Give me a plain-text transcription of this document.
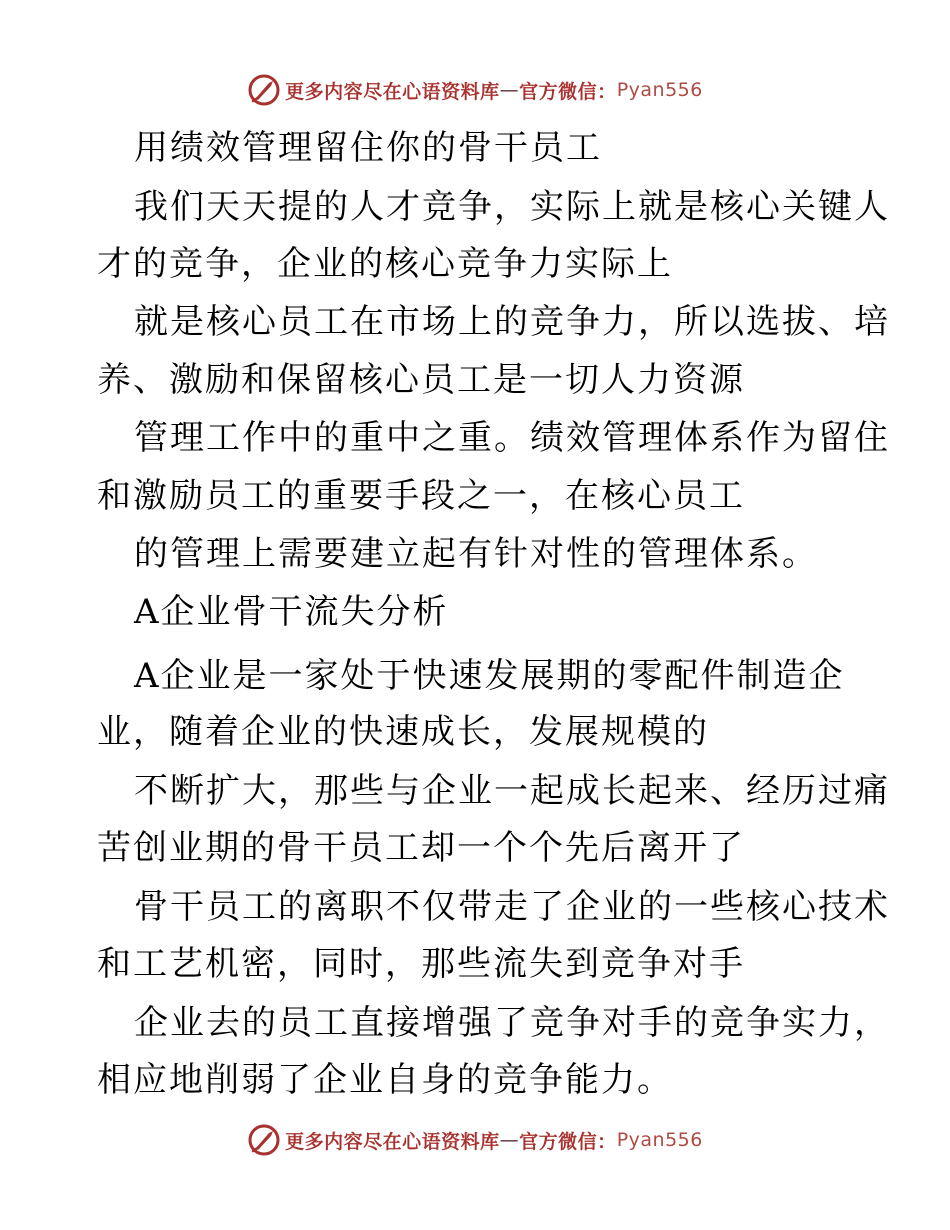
更多内容尽在心语资料库 — 官方微信： Pyan556
用绩效管理留住你的骨干员工
我们天天提的人才竞争，实际上就是核心关键人
才的竞争，企业的核心竞争力实际上
就是核心员工在市场上的竞争力，所以选拔、培
养、激励和保留核心员工是一切人力资源
管理工作中的重中之重。绩效管理体系作为留住
和激励员工的重要手段之一，在核心员工
的管理上需要建立起有针对性的管理体系。
A企业骨干流失分析
A企业是一家处于快速发展期的零配件制造企
业，随着企业的快速成长，发展规模的
不断扩大，那些与企业一起成长起来、经历过痛
苦创业期的骨干员工却一个个先后离开了
骨干员工的离职不仅带走了企业的一些核心技术
和工艺机密，同时，那些流失到竞争对手
企业去的员工直接增强了竞争对手的竞争实力，
相应地削弱了企业自身的竞争能力。
更多内容尽在心语资料库 — 官方微信： Pyan556
